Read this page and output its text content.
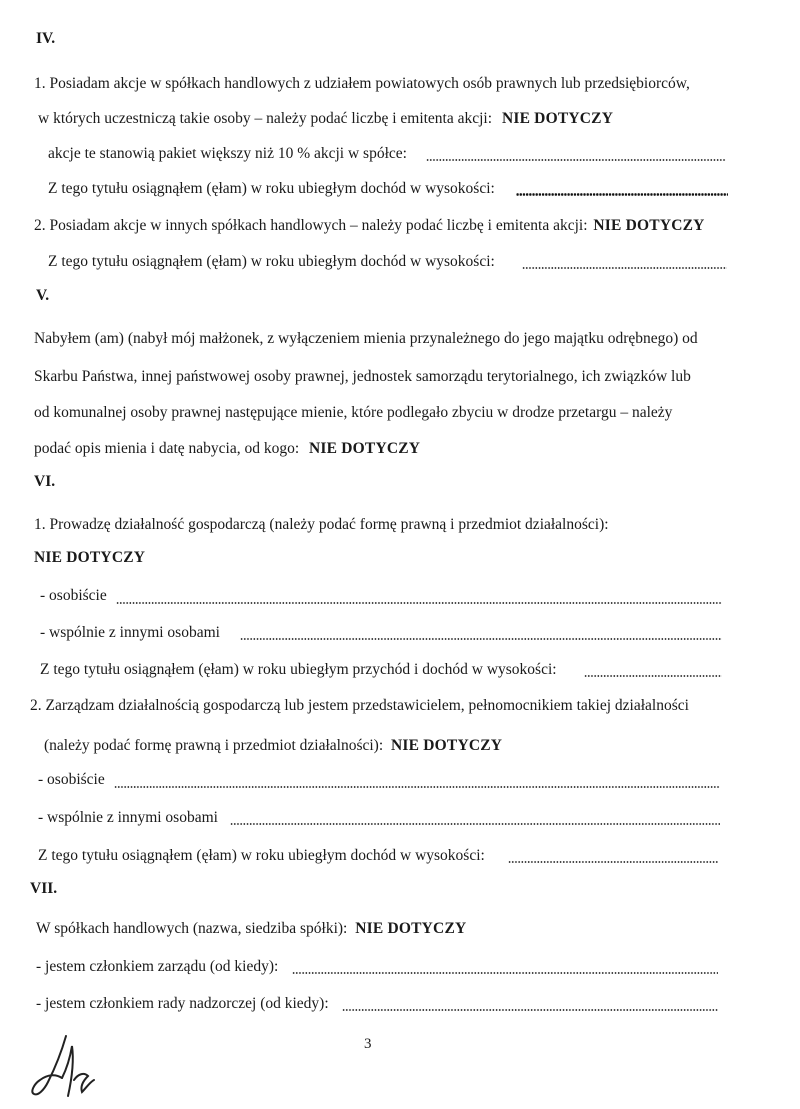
IV.
1. Posiadam akcje w spółkach handlowych z udziałem powiatowych osób prawnych lub przedsiębiorców,
w których uczestniczą takie osoby – należy podać liczbę i emitenta akcji: NIE DOTYCZY
akcje te stanowią pakiet większy niż 10 % akcji w spółce:
Z tego tytułu osiągnąłem (ęłam) w roku ubiegłym dochód w wysokości:
2. Posiadam akcje w innych spółkach handlowych – należy podać liczbę i emitenta akcji: NIE DOTYCZY
Z tego tytułu osiągnąłem (ęłam) w roku ubiegłym dochód w wysokości:
V.
Nabyłem (am) (nabył mój małżonek, z wyłączeniem mienia przynależnego do jego majątku odrębnego) od
Skarbu Państwa, innej państwowej osoby prawnej, jednostek samorządu terytorialnego, ich związków lub
od komunalnej osoby prawnej następujące mienie, które podlegało zbyciu w drodze przetargu – należy
podać opis mienia i datę nabycia, od kogo: NIE DOTYCZY
VI.
1. Prowadzę działalność gospodarczą (należy podać formę prawną i przedmiot działalności):
NIE DOTYCZY
- osobiście
- wspólnie z innymi osobami
Z tego tytułu osiągnąłem (ęłam) w roku ubiegłym przychód i dochód w wysokości:
2. Zarządzam działalnością gospodarczą lub jestem przedstawicielem, pełnomocnikiem takiej działalności
(należy podać formę prawną i przedmiot działalności): NIE DOTYCZY
- osobiście
- wspólnie z innymi osobami
Z tego tytułu osiągnąłem (ęłam) w roku ubiegłym dochód w wysokości:
VII.
W spółkach handlowych (nazwa, siedziba spółki): NIE DOTYCZY
- jestem członkiem zarządu (od kiedy):
- jestem członkiem rady nadzorczej (od kiedy):
3
